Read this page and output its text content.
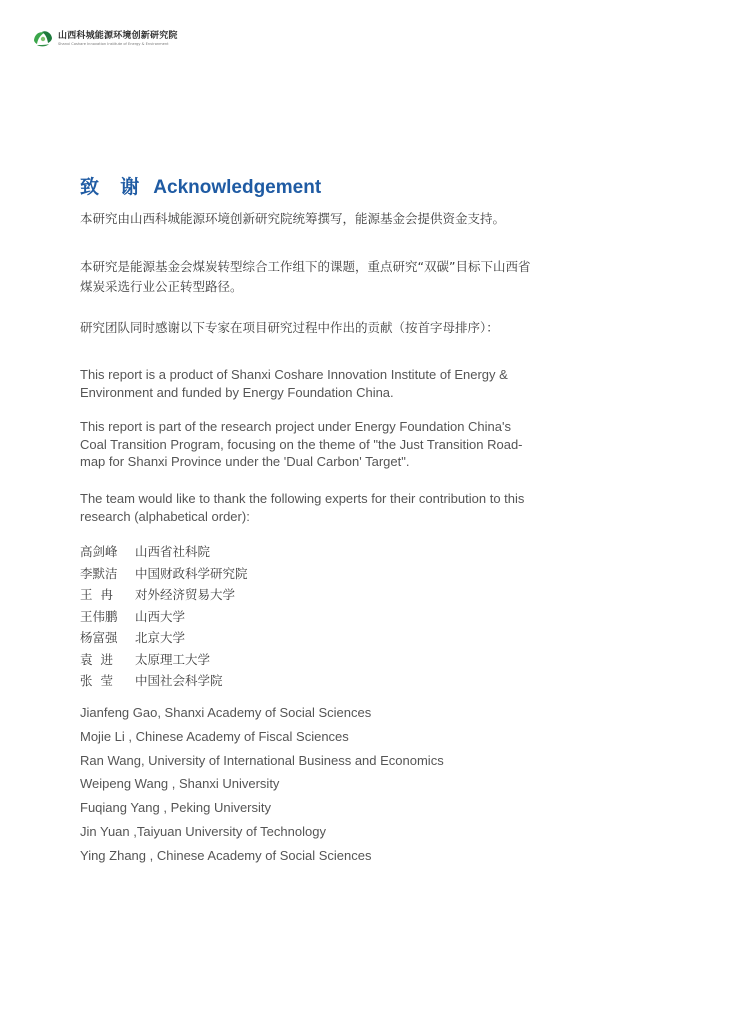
山西科城能源环境创新研究院
Shanxi Coshare Innovation Institute of Energy & Environment
致 谢 Acknowledgement
本研究由山西科城能源环境创新研究院统筹撰写，能源基金会提供资金支持。
本研究是能源基金会煤炭转型综合工作组下的课题，重点研究“双碳”目标下山西省煤炭采选行业公正转型路径。
研究团队同时感谢以下专家在项目研究过程中作出的贡献（按首字母排序）：
This report is a product of Shanxi Coshare Innovation Institute of Energy & Environment and funded by Energy Foundation China.
This report is part of the research project under Energy Foundation China's Coal Transition Program, focusing on the theme of "the Just Transition Road-map for Shanxi Province under the 'Dual Carbon' Target".
The team would like to thank the following experts for their contribution to this research (alphabetical order):
高剑峰	山西省社科院
李默洁	中国财政科学研究院
王  冉	对外经济贸易大学
王伟鹏	山西大学
杨富强	北京大学
袁  进	太原理工大学
张  莹	中国社会科学院
Jianfeng Gao, Shanxi Academy of Social Sciences
Mojie Li , Chinese Academy of Fiscal Sciences
Ran Wang, University of International Business and Economics
Weipeng Wang , Shanxi University
Fuqiang Yang , Peking University
Jin Yuan ,Taiyuan University of Technology
Ying Zhang , Chinese Academy of Social Sciences
